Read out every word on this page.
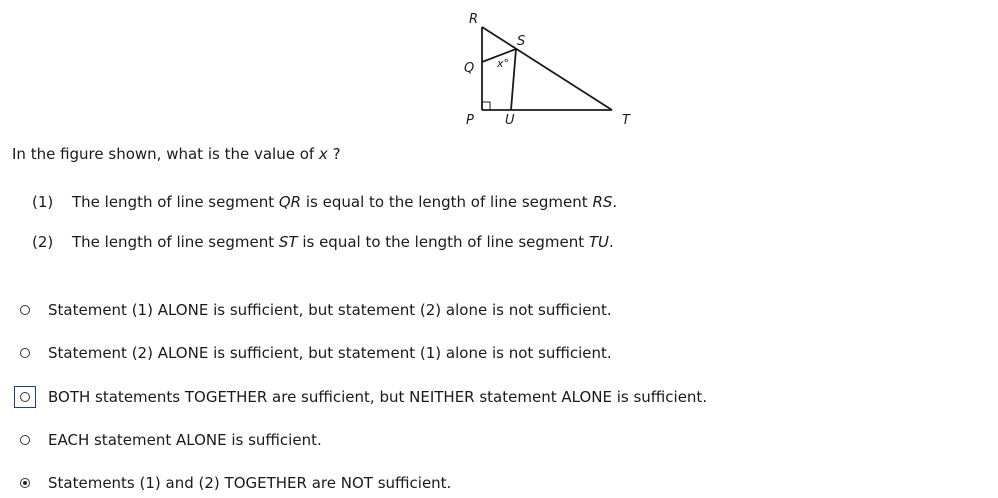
R
S
Q x°
P U	T
In the figure shown, what is the value of x ?
(1) The length of line segment QR is equal to the length of line segment RS.
(2) The length of line segment ST is equal to the length of line segment TU.
Statement (1) ALONE is sufficient, but statement (2) alone is not sufficient.
Statement (2) ALONE is sufficient, but statement (1) alone is not sufficient.
BOTH statements TOGETHER are sufficient, but NEITHER statement ALONE is sufficient.
EACH statement ALONE is sufficient.
Statements (1) and (2) TOGETHER are NOT sufficient.
